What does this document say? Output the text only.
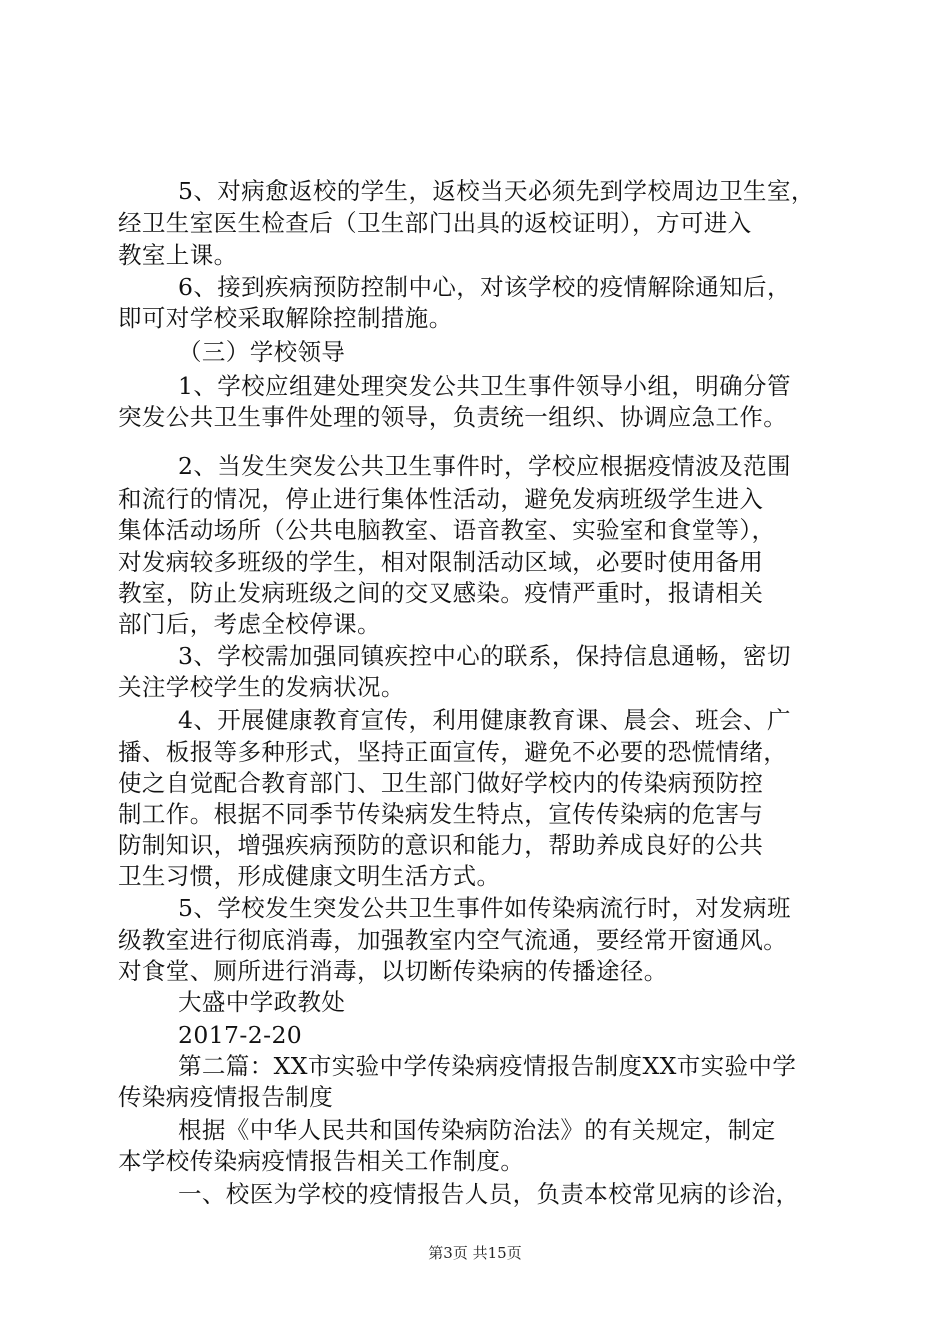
5、对病愈返校的学生，返校当天必须先到学校周边卫生室，
经卫生室医生检查后（卫生部门出具的返校证明），方可进入
教室上课。
6、接到疾病预防控制中心，对该学校的疫情解除通知后，
即可对学校采取解除控制措施。
（三）学校领导
1、学校应组建处理突发公共卫生事件领导小组，明确分管
突发公共卫生事件处理的领导，负责统一组织、协调应急工作。
2、当发生突发公共卫生事件时，学校应根据疫情波及范围
和流行的情况，停止进行集体性活动，避免发病班级学生进入
集体活动场所（公共电脑教室、语音教室、实验室和食堂等），
对发病较多班级的学生，相对限制活动区域，必要时使用备用
教室，防止发病班级之间的交叉感染。疫情严重时，报请相关
部门后，考虑全校停课。
3、学校需加强同镇疾控中心的联系，保持信息通畅，密切
关注学校学生的发病状况。
4、开展健康教育宣传，利用健康教育课、晨会、班会、广
播、板报等多种形式，坚持正面宣传，避免不必要的恐慌情绪，
使之自觉配合教育部门、卫生部门做好学校内的传染病预防控
制工作。根据不同季节传染病发生特点，宣传传染病的危害与
防制知识，增强疾病预防的意识和能力，帮助养成良好的公共
卫生习惯，形成健康文明生活方式。
5、学校发生突发公共卫生事件如传染病流行时，对发病班
级教室进行彻底消毒，加强教室内空气流通，要经常开窗通风。
对食堂、厕所进行消毒，以切断传染病的传播途径。
大盛中学政教处
2017-2-20
第二篇：XX市实验中学传染病疫情报告制度XX市实验中学
传染病疫情报告制度
根据《中华人民共和国传染病防治法》的有关规定，制定
本学校传染病疫情报告相关工作制度。
一、校医为学校的疫情报告人员，负责本校常见病的诊治，
第3页 共15页
